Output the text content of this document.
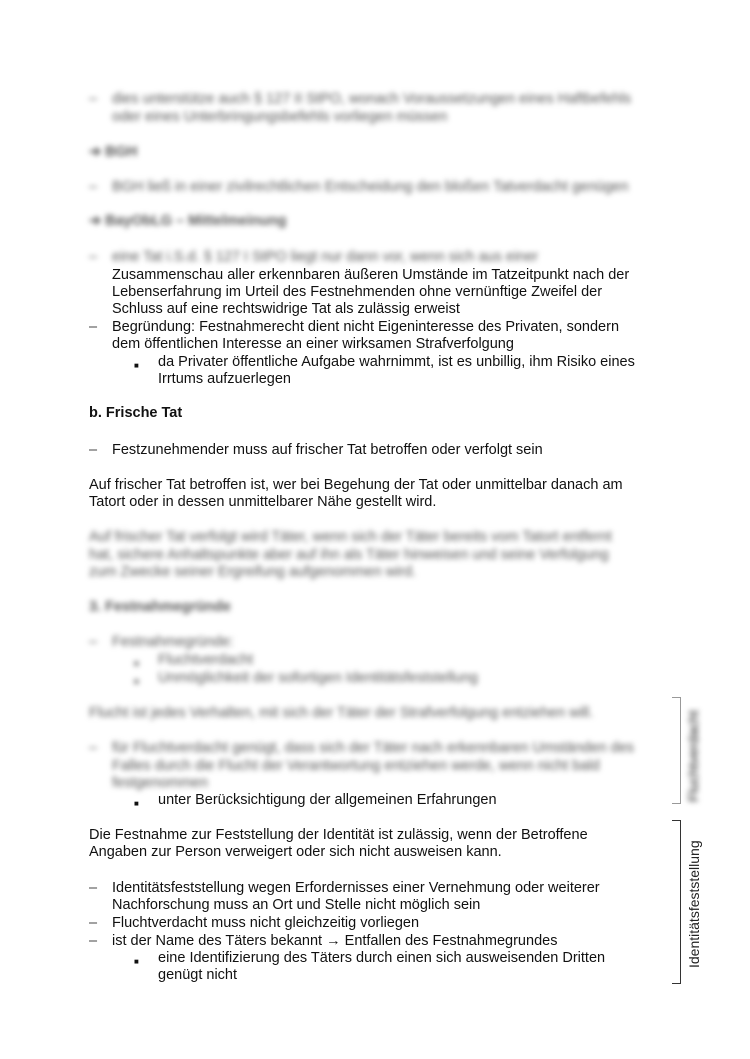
– dies unterstütze auch § 127 II StPO, wonach Voraussetzungen eines Haftbefehls
oder eines Unterbringungsbefehls vorliegen müssen
➔ BGH
– BGH ließ in einer zivilrechtlichen Entscheidung den bloßen Tatverdacht genügen
➔ BayObLG – Mittelmeinung
– eine Tat i.S.d. § 127 I StPO liegt nur dann vor, wenn sich aus einer
Zusammenschau aller erkennbaren äußeren Umstände im Tatzeitpunkt nach der
Lebenserfahrung im Urteil des Festnehmenden ohne vernünftige Zweifel der
Schluss auf eine rechtswidrige Tat als zulässig erweist
– Begründung: Festnahmerecht dient nicht Eigeninteresse des Privaten, sondern
dem öffentlichen Interesse an einer wirksamen Strafverfolgung
■ da Privater öffentliche Aufgabe wahrnimmt, ist es unbillig, ihm Risiko eines
Irrtums aufzuerlegen
b. Frische Tat
– Festzunehmender muss auf frischer Tat betroffen oder verfolgt sein
Auf frischer Tat betroffen ist, wer bei Begehung der Tat oder unmittelbar danach am
Tatort oder in dessen unmittelbarer Nähe gestellt wird.
Auf frischer Tat verfolgt wird Täter, wenn sich der Täter bereits vom Tatort entfernt
hat, sichere Anhaltspunkte aber auf ihn als Täter hinweisen und seine Verfolgung
zum Zwecke seiner Ergreifung aufgenommen wird.
3. Festnahmegründe
– Festnahmegründe:
■ Fluchtverdacht
■ Unmöglichkeit der sofortigen Identitätsfeststellung
Flucht ist jedes Verhalten, mit sich der Täter der Strafverfolgung entziehen will.
– für Fluchtverdacht genügt, dass sich der Täter nach erkennbaren Umständen des
Falles durch die Flucht der Verantwortung entziehen werde, wenn nicht bald
festgenommen
■ unter Berücksichtigung der allgemeinen Erfahrungen
Die Festnahme zur Feststellung der Identität ist zulässig, wenn der Betroffene
Angaben zur Person verweigert oder sich nicht ausweisen kann.
– Identitätsfeststellung wegen Erfordernisses einer Vernehmung oder weiterer
Nachforschung muss an Ort und Stelle nicht möglich sein
– Fluchtverdacht muss nicht gleichzeitig vorliegen
– ist der Name des Täters bekannt → Entfallen des Festnahmegrundes
■ eine Identifizierung des Täters durch einen sich ausweisenden Dritten
genügt nicht
Fluchtverdacht
Identitätsfeststellung
